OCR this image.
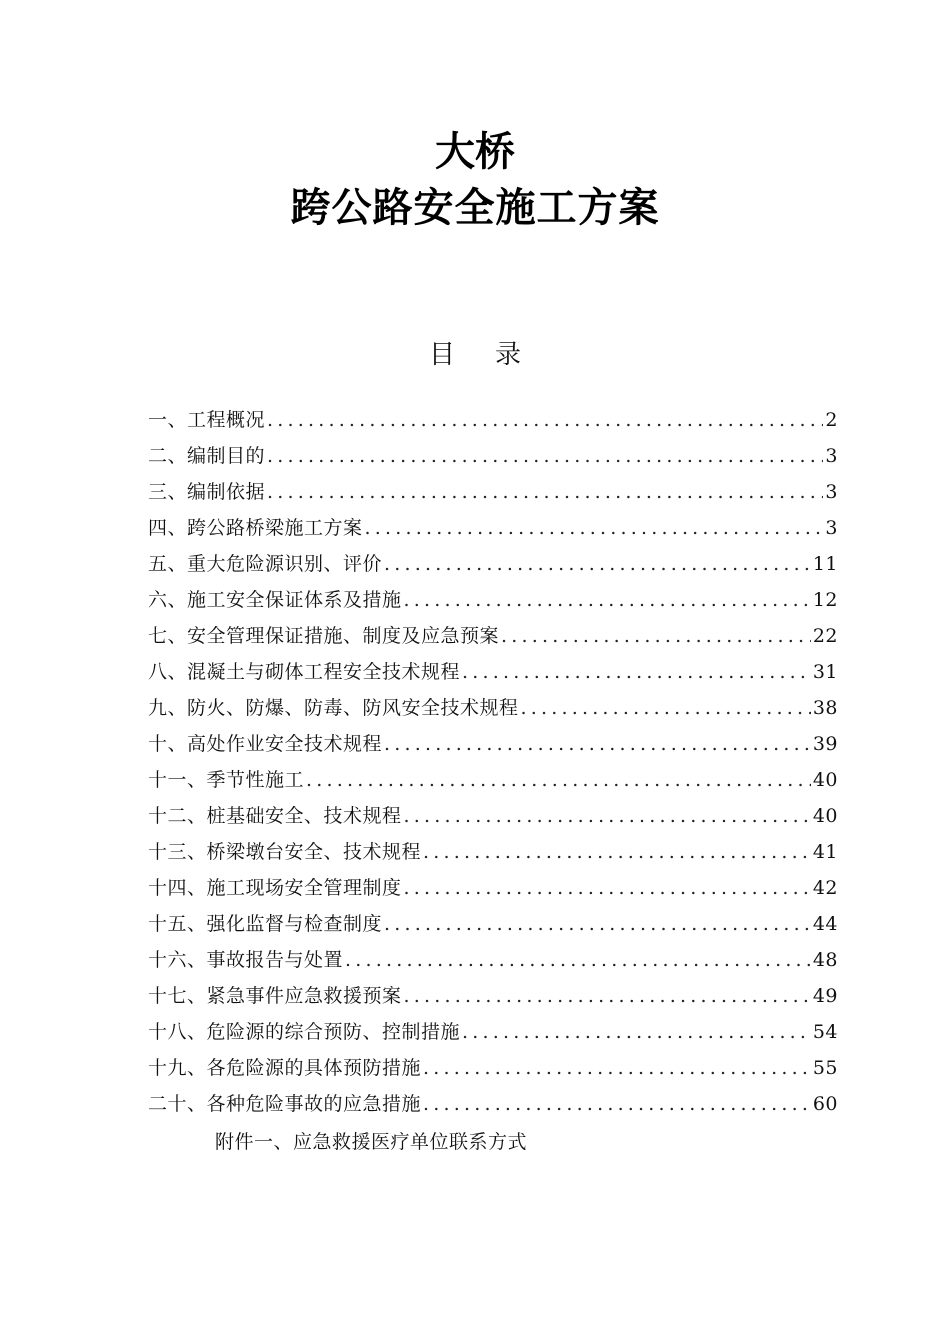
大桥
跨公路安全施工方案
目录
一、工程概况 .....	2
二、编制目的 .....	3
三、编制依据 .....	3
四、跨公路桥梁施工方案 .....	3
五、重大危险源识别、评价 .....	11
六、施工安全保证体系及措施 .....	12
七、安全管理保证措施、制度及应急预案 .....	22
八、混凝土与砌体工程安全技术规程 .....	31
九、防火、防爆、防毒、防风安全技术规程 .....	38
十、高处作业安全技术规程 .....	39
十一、季节性施工 .....	40
十二、桩基础安全、技术规程 .....	40
十三、桥梁墩台安全、技术规程 .....	41
十四、施工现场安全管理制度 .....	42
十五、强化监督与检查制度 .....	44
十六、事故报告与处置 .....	48
十七、紧急事件应急救援预案 .....	49
十八、危险源的综合预防、控制措施 .....	54
十九、各危险源的具体预防措施 .....	55
二十、各种危险事故的应急措施 .....	60
附件一、应急救援医疗单位联系方式
